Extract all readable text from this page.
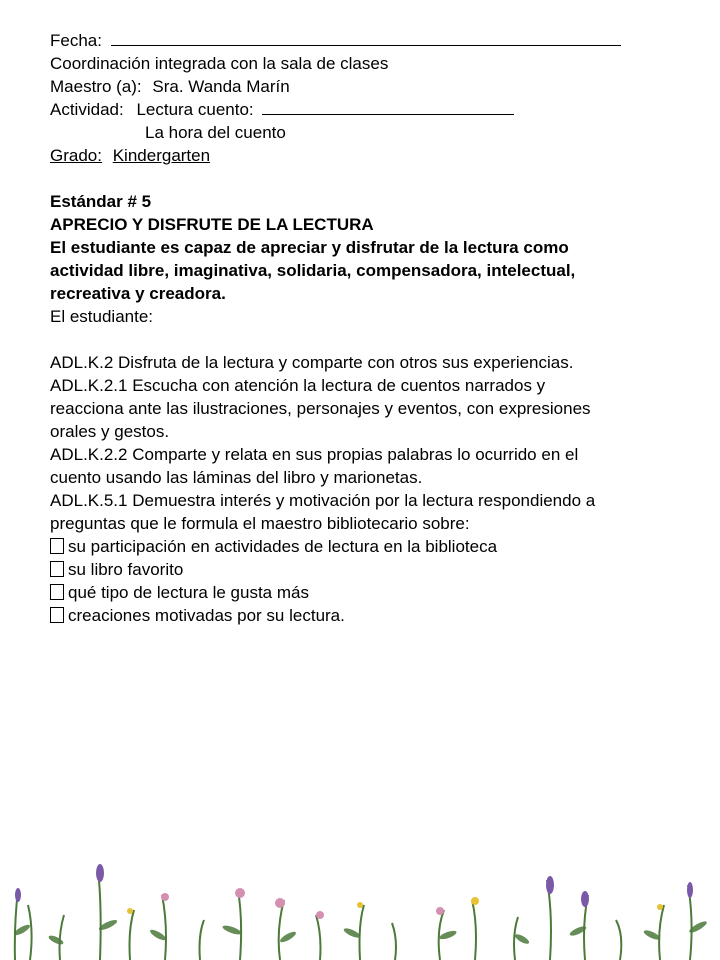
Fecha:
Coordinación integrada con la sala de clases
Maestro (a): Sra. Wanda Marín
Actividad: Lectura cuento:
La hora del cuento
Grado: Kindergarten
Estándar # 5
APRECIO Y DISFRUTE DE LA LECTURA
El estudiante es capaz de apreciar y disfrutar de la lectura como
actividad libre, imaginativa, solidaria, compensadora, intelectual,
recreativa y creadora.
El estudiante:
ADL.K.2 Disfruta de la lectura y comparte con otros sus experiencias.
ADL.K.2.1 Escucha con atención la lectura de cuentos narrados y
reacciona ante las ilustraciones, personajes y eventos, con expresiones
orales y gestos.
ADL.K.2.2 Comparte y relata en sus propias palabras lo ocurrido en el
cuento usando las láminas del libro y marionetas.
ADL.K.5.1 Demuestra interés y motivación por la lectura respondiendo a
preguntas que le formula el maestro bibliotecario sobre:
su participación en actividades de lectura en la biblioteca
su libro favorito
qué tipo de lectura le gusta más
creaciones motivadas por su lectura.
